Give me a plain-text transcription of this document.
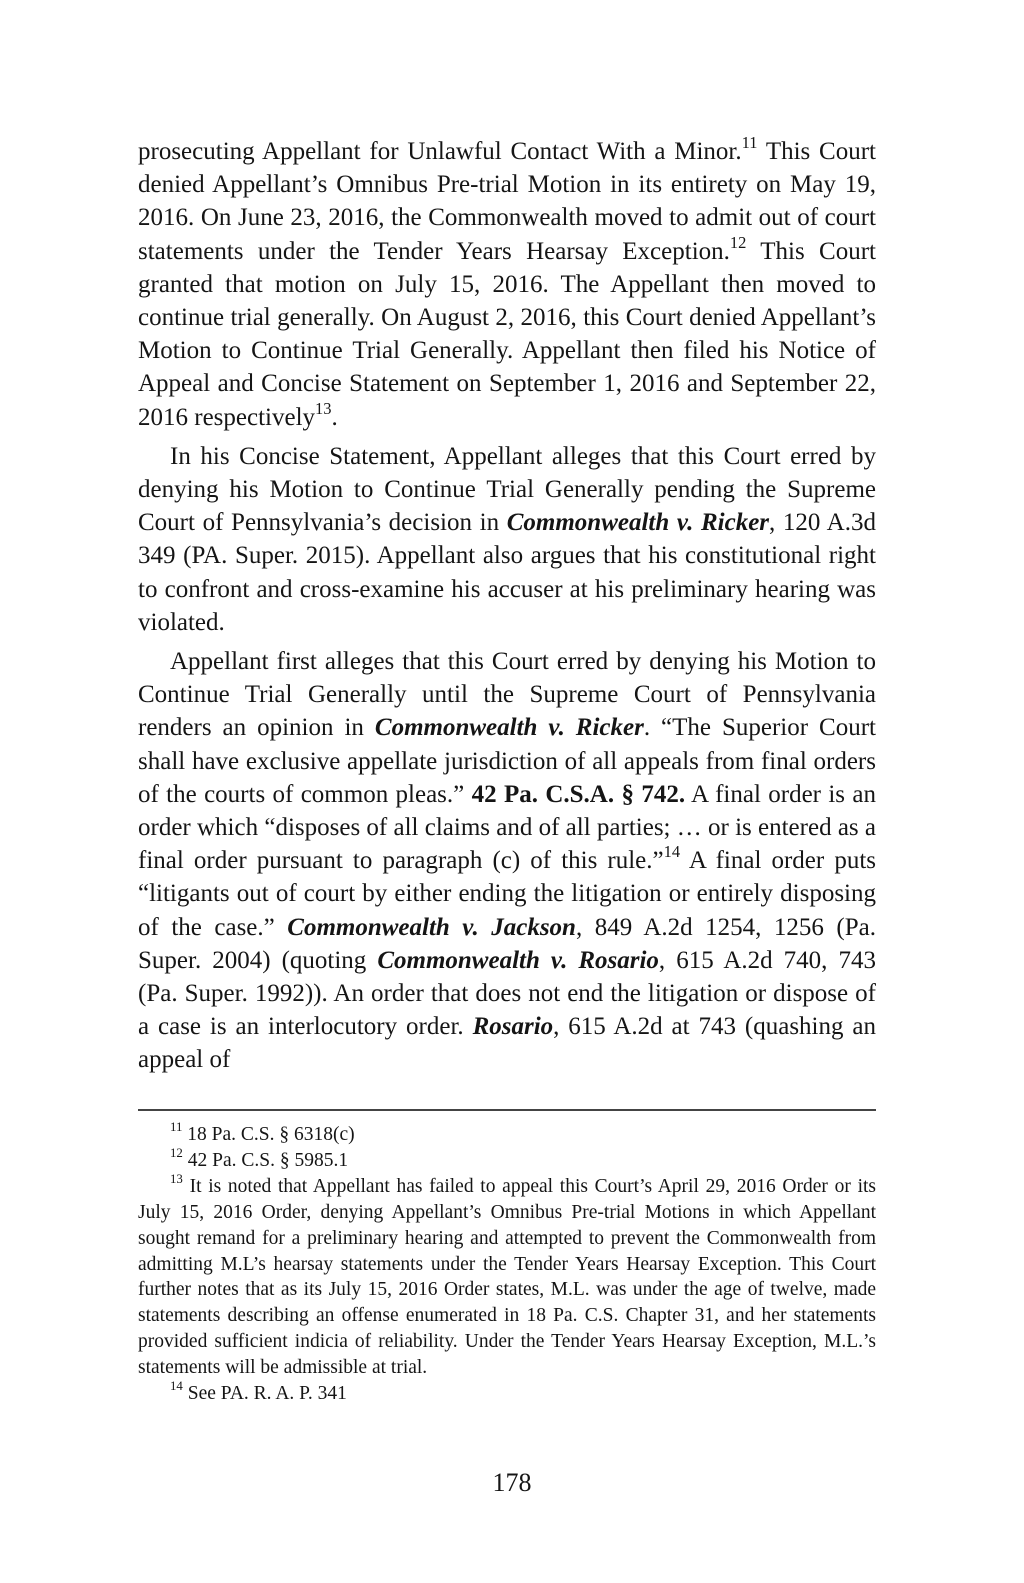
prosecuting Appellant for Unlawful Contact With a Minor.$^{11}$ This Court denied Appellant’s Omnibus Pre-trial Motion in its entirety on May 19, 2016. On June 23, 2016, the Commonwealth moved to admit out of court statements under the Tender Years Hearsay Exception.$^{12}$ This Court granted that motion on July 15, 2016. The Appellant then moved to continue trial generally. On August 2, 2016, this Court denied Appellant’s Motion to Continue Trial Generally. Appellant then filed his Notice of Appeal and Concise Statement on September 1, 2016 and September 22, 2016 respectively$^{13}$.

In his Concise Statement, Appellant alleges that this Court erred by denying his Motion to Continue Trial Generally pending the Supreme Court of Pennsylvania’s decision in Commonwealth v. Ricker, 120 A.3d 349 (PA. Super. 2015). Appellant also argues that his constitutional right to confront and cross-examine his accuser at his preliminary hearing was violated.

Appellant first alleges that this Court erred by denying his Motion to Continue Trial Generally until the Supreme Court of Pennsylvania renders an opinion in Commonwealth v. Ricker. “The Superior Court shall have exclusive appellate jurisdiction of all appeals from final orders of the courts of common pleas.” 42 Pa. C.S.A. § 742. A final order is an order which “disposes of all claims and of all parties; … or is entered as a final order pursuant to paragraph (c) of this rule.”$^{14}$ A final order puts “litigants out of court by either ending the litigation or entirely disposing of the case.” Commonwealth v. Jackson, 849 A.2d 1254, 1256 (Pa. Super. 2004) (quoting Commonwealth v. Rosario, 615 A.2d 740, 743 (Pa. Super. 1992)). An order that does not end the litigation or dispose of a case is an interlocutory order. Rosario, 615 A.2d at 743 (quashing an appeal of

$^{11}$ 18 Pa. C.S. § 6318(c)

$^{12}$ 42 Pa. C.S. § 5985.1

$^{13}$ It is noted that Appellant has failed to appeal this Court’s April 29, 2016 Order or its July 15, 2016 Order, denying Appellant’s Omnibus Pre-trial Motions in which Appellant sought remand for a preliminary hearing and attempted to prevent the Commonwealth from admitting M.L’s hearsay statements under the Tender Years Hearsay Exception. This Court further notes that as its July 15, 2016 Order states, M.L. was under the age of twelve, made statements describing an offense enumerated in 18 Pa. C.S. Chapter 31, and her statements provided sufficient indicia of reliability. Under the Tender Years Hearsay Exception, M.L.’s statements will be admissible at trial.

$^{14}$ See PA. R. A. P. 341

178
